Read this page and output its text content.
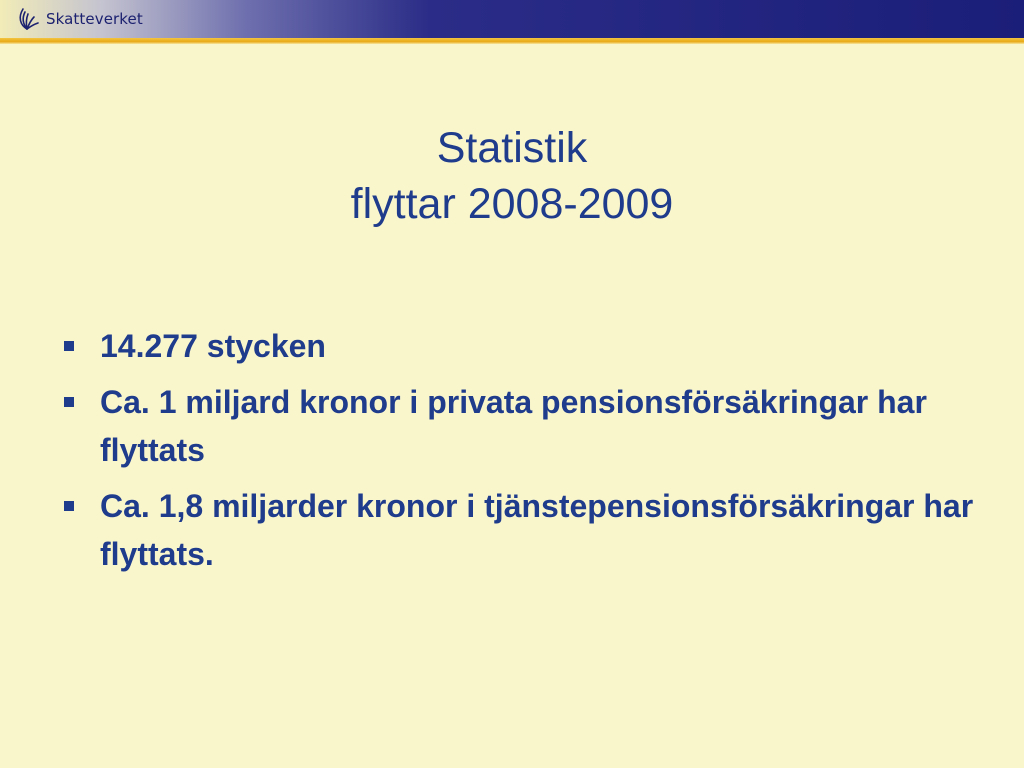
Skatteverket
Statistik
flyttar 2008-2009
14.277 stycken
Ca. 1 miljard kronor i privata pensionsförsäkringar har flyttats
Ca. 1,8 miljarder kronor i tjänstepensionsförsäkringar har flyttats.
